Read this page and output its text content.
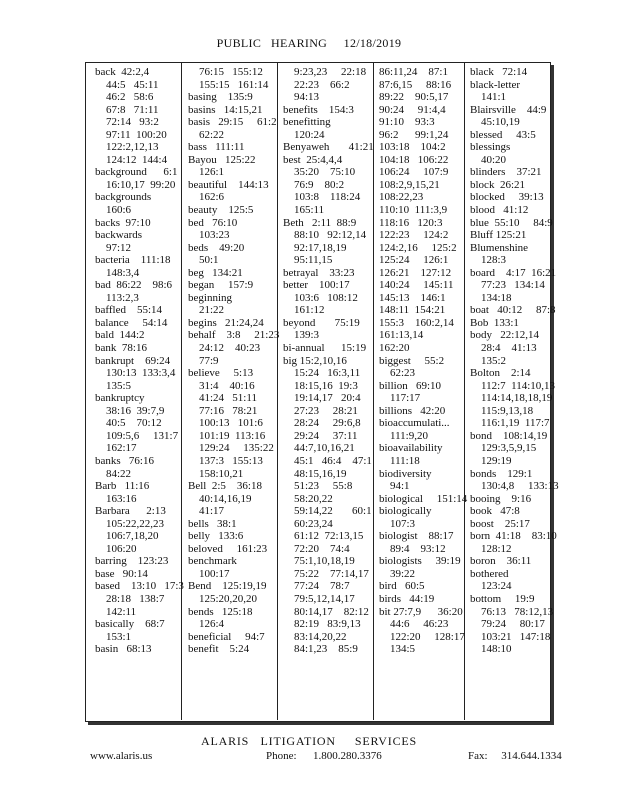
PUBLIC   HEARING     12/18/2019
back  42:2,4
44:5   45:11
46:2   58:6
67:8   71:11
72:14   93:2
97:11  100:20
122:2,12,13
124:12  144:4
background      6:1
16:10,17  99:20
backgrounds
160:6
backs  97:10
backwards
97:12
bacteria    111:18
148:3,4
bad  86:22    98:6
113:2,3
baffled    55:14
balance     54:14
bald  144:2
bank  78:16
bankrupt    69:24
130:13  133:3,4
135:5
bankruptcy
38:16  39:7,9
40:5    70:12
109:5,6     131:7
162:17
banks   76:16
84:22
Barb   11:16
163:16
Barbara      2:13
105:22,22,23
106:7,18,20
106:20
barring    123:23
base   90:14
based    13:10   17:3
28:18   138:7
142:11
basically    68:7
153:1
basin   68:13
76:15   155:12
155:15   161:14
basing    135:9
basins   14:15,21
basis   29:15     61:2
62:22
bass   111:11
Bayou   125:22
126:1
beautiful    144:13
162:6
beauty    125:5
bed   76:10
103:23
beds    49:20
50:1
beg   134:21
began     157:9
beginning
21:22
begins   21:24,24
behalf    3:8     21:23
24:12    40:23
77:9
believe     5:13
31:4    40:16
41:24   51:11
77:16   78:21
100:13   101:6
101:19  113:16
129:24     135:22
137:3   155:13
158:10,21
Bell  2:5    36:18
40:14,16,19
41:17
bells   38:1
belly   133:6
beloved     161:23
benchmark
100:17
Bend    125:19,19
125:20,20,20
bends   125:18
126:4
beneficial     94:7
benefit    5:24
9:23,23     22:18
22:23    66:2
94:13
benefits    154:3
benefitting
120:24
Benyaweh       41:21
best  25:4,4,4
35:20    75:10
76:9    80:2
103:8    118:24
165:11
Beth   2:11  88:9
88:10   92:12,14
92:17,18,19
95:11,15
betrayal    33:23
better    100:17
103:6   108:12
161:12
beyond       75:19
139:3
bi-annual      15:19
big 15:2,10,16
15:24   16:3,11
18:15,16  19:3
19:14,17   20:4
27:23     28:21
28:24     29:6,8
29:24     37:11
44:7,10,16,21
45:1   46:4    47:1
48:15,16,19
51:23     55:8
58:20,22
59:14,22       60:1
60:23,24
61:12  72:13,15
72:20    74:4
75:1,10,18,19
75:22    77:14,17
77:24    78:7
79:5,12,14,17
80:14,17    82:12
82:19   83:9,13
83:14,20,22
84:1,23    85:9
86:11,24    87:1
87:6,15     88:16
89:22    90:5,17
90:24     91:4,4
91:10    93:3
96:2      99:1,24
103:18    104:2
104:18   106:22
106:24     107:9
108:2,9,15,21
108:22,23
110:10  111:3,9
118:16   120:3
122:23     124:2
124:2,16     125:2
125:24     126:1
126:21    127:12
140:24     145:11
145:13    146:1
148:11  154:21
155:3    160:2,14
161:13,14
162:20
biggest     55:2
62:23
billion   69:10
117:17
billions   42:20
bioaccumulati...
111:9,20
bioavailability
111:18
biodiversity
94:1
biological     151:14
biologically
107:3
biologist    88:17
89:4    93:12
biologists     39:19
39:22
bird   60:5
birds   44:19
bit 27:7,9      36:20
44:6     46:23
122:20     128:17
134:5
black   72:14
black-letter
141:1
Blairsville    44:9
45:10,19
blessed     43:5
blessings
40:20
blinders    37:21
block  26:21
blocked     39:13
blood   41:12
blue  55:10     84:9
Bluff 125:21
Blumenshine
128:3
board    4:17  16:21
77:23   134:14
134:18
boat   40:12     87:8
Bob  133:1
body   22:12,14
28:4    41:13
135:2
Bolton    2:14
112:7  114:10,13
114:14,18,18,19
115:9,13,18
116:1,19  117:7
bond    108:14,19
129:3,5,9,15
129:19
bonds    129:1
130:4,8     133:13
booing    9:16
book   47:8
boost    25:17
born  41:18    83:10
128:12
boron    36:11
bothered
123:24
bottom     19:9
76:13   78:12,13
79:24     80:17
103:21   147:18
148:10
ALARIS   LITIGATION     SERVICES
www.alaris.us	Phone:      1.800.280.3376	Fax:     314.644.1334
